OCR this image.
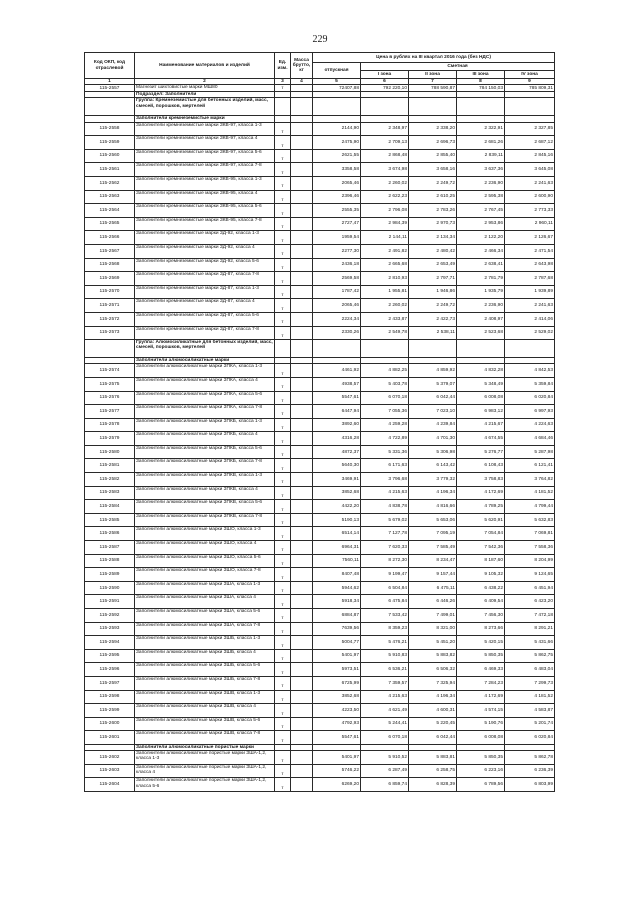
229
Код ОКП, код отраслевой	Наименование материалов и изделий	Ед. изм.	Масса брутто, кг	Цена в рублях на III квартал 2016 года (без НДС)				
				отпускная	Сметная			
					I зона	II зона	III зона	IV зона
1	2	3	4	5	6	7	8	9
115-2557	Магнезит шихтовистые марки МШ80	т		72407,88	792 220,10	788 590,87	784 150,03	785 809,31
	Подраздел: Заполнители							
	Группа: Кремнеземистые для бетонных изделий, масс, смесей, порошков, мертелей							
	Заполнители кремнеземистые марки							
115-2558	Заполнители кремнеземистые марки ЗКВ-97, класса 1-3	т		2144,90	2 348,97	2 338,20	2 322,91	2 327,85
115-2559	Заполнители кремнеземистые марки ЗКВ-97, класса 4	т		2475,90	2 709,13	2 696,73	2 681,26	2 687,12
115-2560	Заполнители кремнеземистые марки ЗКВ-97, класса 5-6	т		2621,55	2 868,48	2 855,40	2 839,11	2 845,16
115-2561	Заполнители кремнеземистые марки ЗКВ-97, класса 7-8	т		3358,58	3 674,98	3 658,16	3 637,36	3 645,08
115-2562	Заполнители кремнеземистые марки ЗКВ-95, класса 1-3	т		2065,46	2 260,02	2 249,72	2 236,90	2 241,63
115-2563	Заполнители кремнеземистые марки ЗКВ-95, класса 4	т		2396,46	2 622,23	2 610,25	2 595,38	2 600,90
115-2564	Заполнители кремнеземистые марки ЗКВ-95, класса 5-6	т		2555,35	2 796,08	2 783,26	2 767,45	2 773,33
115-2565	Заполнители кремнеземистые марки ЗКВ-95, класса 7-8	т		2727,47	2 984,39	2 970,73	2 953,86	2 960,11
115-2566	Заполнители кремнеземистые марки ЗД-92, класса 1-3	т		1959,54	2 144,11	2 134,34	2 122,20	2 126,67
115-2567	Заполнители кремнеземистые марки ЗД-92, класса 4	т		2277,30	2 491,82	2 480,42	2 466,34	2 471,54
115-2568	Заполнители кремнеземистые марки ЗД-92, класса 5-6	т		2436,18	2 665,68	2 653,49	2 638,41	2 643,98
115-2569	Заполнители кремнеземистые марки ЗД-87, класса 7-8	т		2569,58	2 810,93	2 797,71	2 781,79	2 787,68
115-2570	Заполнители кремнеземистые марки ЗД-87, класса 1-3	т		1787,42	1 955,81	1 946,86	1 935,79	1 939,89
115-2571	Заполнители кремнеземистые марки ЗД-87, класса 4	т		2065,46	2 260,02	2 249,72	2 236,90	2 241,63
115-2572	Заполнители кремнеземистые марки ЗД-87, класса 5-6	т		2224,34	2 433,87	2 422,73	2 408,97	2 414,06
115-2573	Заполнители кремнеземистые марки ЗД-87, класса 7-8	т		2330,26	2 549,78	2 538,11	2 523,68	2 529,02
	Группа: Алюмосиликатные для бетонных изделий, масс, смесей, порошков, мертелей							
	Заполнители алюмосиликатные марки							
115-2574	Заполнители алюмосиликатные марки ЗПКА, класса 1-3	т		4461,92	4 882,25	4 859,92	4 832,28	4 842,53
115-2575	Заполнители алюмосиликатные марки ЗПКА, класса 4	т		4938,57	5 403,78	5 379,07	5 348,49	5 359,84
115-2576	Заполнители алюмосиликатные марки ЗПКА, класса 5-6	т		5547,61	6 070,18	6 042,44	6 008,08	6 020,84
115-2577	Заполнители алюмосиликатные марки ЗПКА, класса 7-8	т		6447,94	7 055,36	7 023,10	6 983,12	6 997,93
115-2578	Заполнители алюмосиликатные марки ЗПКБ, класса 1-3	т		3892,60	4 259,28	4 239,84	4 215,67	4 224,63
115-2579	Заполнители алюмосиликатные марки ЗПКБ, класса 4	т		4316,28	4 722,89	4 701,30	4 674,55	4 684,46
115-2580	Заполнители алюмосиликатные марки ЗПКБ, класса 5-6	т		4872,37	5 331,36	5 306,98	5 276,77	5 287,98
115-2581	Заполнители алюмосиликатные марки ЗПКБ, класса 7-8	т		5640,30	6 171,63	6 143,42	6 108,43	6 121,41
115-2582	Заполнители алюмосиликатные марки ЗПКВ, класса 1-3	т		3469,91	3 796,68	3 779,32	3 758,83	3 764,82
115-2583	Заполнители алюмосиликатные марки ЗПКВ, класса 4	т		3852,68	4 215,63	4 196,34	4 172,69	4 181,52
115-2584	Заполнители алюмосиликатные марки ЗПКВ, класса 5-6	т		4422,20	4 838,78	4 816,66	4 789,25	4 799,44
115-2585	Заполнители алюмосиликатные марки ЗПКВ, класса 7-8	т		5190,13	5 679,02	5 653,06	5 620,91	5 632,83
115-2586	Заполнители алюмосиликатные марки ЗШО, класса 1-3	т		6514,14	7 127,78	7 095,19	7 054,84	7 069,81
115-2587	Заполнители алюмосиликатные марки ЗШО, класса 4	т		6964,31	7 620,33	7 585,49	7 542,36	7 558,36
115-2588	Заполнители алюмосиликатные марки ЗШО, класса 5-6	т		7560,11	8 272,30	8 234,47	8 187,60	8 204,99
115-2589	Заполнители алюмосиликатные марки ЗШО, класса 7-8	т		8407,48	9 199,47	9 157,44	9 105,32	9 124,65
115-2590	Заполнители алюмосиликатные марки ЗША, класса 1-3	т		5944,62	6 504,84	6 475,11	6 438,22	6 451,94
115-2591	Заполнители алюмосиликатные марки ЗША, класса 4	т		5918,34	6 475,84	6 446,26	6 409,54	6 423,20
115-2592	Заполнители алюмосиликатные марки ЗША, класса 5-6	т		6884,87	7 533,42	7 499,01	7 456,30	7 472,18
115-2593	Заполнители алюмосиликатные марки ЗША, класса 7-8	т		7639,56	8 359,23	8 321,00	8 273,66	8 291,21
115-2594	Заполнители алюмосиликатные марки ЗШБ, класса 1-3	т		5004,77	5 476,21	5 451,20	5 420,15	5 431,66
115-2595	Заполнители алюмосиликатные марки ЗШБ, класса 4	т		5401,97	5 910,83	5 883,82	5 850,35	5 862,75
115-2596	Заполнители алюмосиликатные марки ЗШБ, класса 5-6	т		5973,51	6 536,21	6 506,32	6 469,33	6 483,04
115-2597	Заполнители алюмосиликатные марки ЗШБ, класса 7-8	т		6725,99	7 359,57	7 325,94	7 284,23	7 299,73
115-2598	Заполнители алюмосиликатные марки ЗШВ, класса 1-3	т		3852,68	4 215,63	4 196,34	4 172,69	4 181,52
115-2599	Заполнители алюмосиликатные марки ЗШВ, класса 4	т		4223,50	4 621,49	4 600,31	4 574,15	4 583,87
115-2600	Заполнители алюмосиликатные марки ЗШВ, класса 5-6	т		4792,93	5 244,41	5 220,45	5 190,76	5 201,74
115-2601	Заполнители алюмосиликатные марки ЗШВ, класса 7-8	т		5547,61	6 070,18	6 042,44	6 008,08	6 020,84
	Заполнители алюмосиликатные пористые марки							
115-2602	Заполнители алюмосиликатные пористые марки ЗША-1,2, класса 1-3	т		5401,97	5 910,52	5 883,81	5 850,35	5 862,78
115-2603	Заполнители алюмосиликатные пористые марки ЗША-1,2, класса 4	т		5746,22	6 287,49	6 258,75	6 223,16	6 236,39
115-2604	Заполнители алюмосиликатные пористые марки ЗША-1,2, класса 5-6	т		6269,20	6 859,74	6 828,39	6 789,56	6 803,99
